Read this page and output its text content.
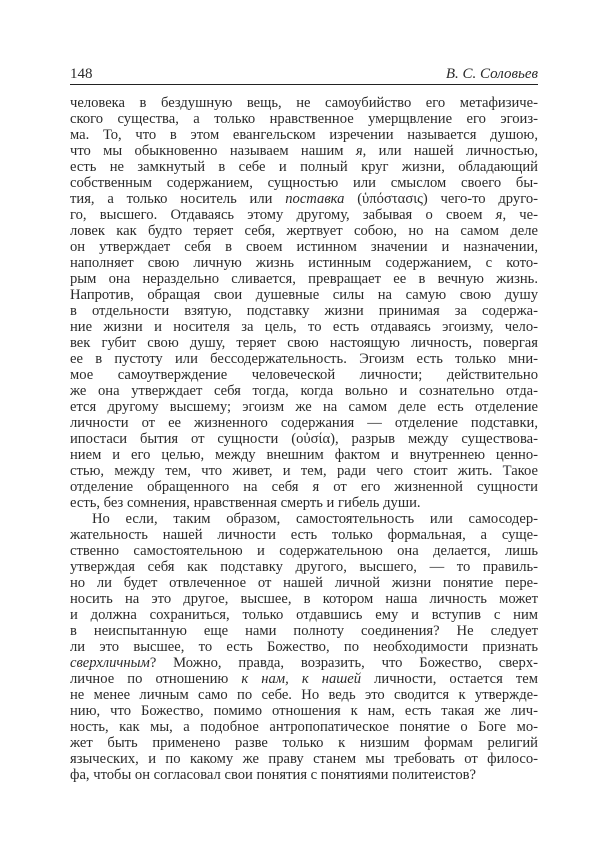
148	В. С. Соловьев
человека в бездушную вещь, не самоубийство его метафизиче-
ского существа, а только нравственное умерщвление его эгоиз-
ма. То, что в этом евангельском изречении называется душою,
что мы обыкновенно называем нашим я, или нашей личностью,
есть не замкнутый в себе и полный круг жизни, обладающий
собственным содержанием, сущностью или смыслом своего бы-
тия, а только носитель или поставка (ὑπόστασις) чего-то друго-
го, высшего. Отдаваясь этому другому, забывая о своем я, че-
ловек как будто теряет себя, жертвует собою, но на самом деле
он утверждает себя в своем истинном значении и назначении,
наполняет свою личную жизнь истинным содержанием, с кото-
рым она нераздельно сливается, превращает ее в вечную жизнь.
Напротив, обращая свои душевные силы на самую свою душу
в отдельности взятую, подставку жизни принимая за содержа-
ние жизни и носителя за цель, то есть отдаваясь эгоизму, чело-
век губит свою душу, теряет свою настоящую личность, повергая
ее в пустоту или бессодержательность. Эгоизм есть только мни-
мое самоутверждение человеческой личности; действительно
же она утверждает себя тогда, когда вольно и сознательно отда-
ется другому высшему; эгоизм же на самом деле есть отделение
личности от ее жизненного содержания — отделение подставки,
ипостаси бытия от сущности (οὐσία), разрыв между существова-
нием и его целью, между внешним фактом и внутреннею ценно-
стью, между тем, что живет, и тем, ради чего стоит жить. Такое
отделение обращенного на себя я от его жизненной сущности
есть, без сомнения, нравственная смерть и гибель души.
Но если, таким образом, самостоятельность или самосодер-
жательность нашей личности есть только формальная, а суще-
ственно самостоятельною и содержательною она делается, лишь
утверждая себя как подставку другого, высшего, — то правиль-
но ли будет отвлеченное от нашей личной жизни понятие пере-
носить на это другое, высшее, в котором наша личность может
и должна сохраниться, только отдавшись ему и вступив с ним
в неиспытанную еще нами полноту соединения? Не следует
ли это высшее, то есть Божество, по необходимости признать
сверхличным? Можно, правда, возразить, что Божество, сверх-
личное по отношению к нам, к нашей личности, остается тем
не менее личным само по себе. Но ведь это сводится к утвержде-
нию, что Божество, помимо отношения к нам, есть такая же лич-
ность, как мы, а подобное антропопатическое понятие о Боге мо-
жет быть применено разве только к низшим формам религий
языческих, и по какому же праву станем мы требовать от филосо-
фа, чтобы он согласовал свои понятия с понятиями политеистов?
